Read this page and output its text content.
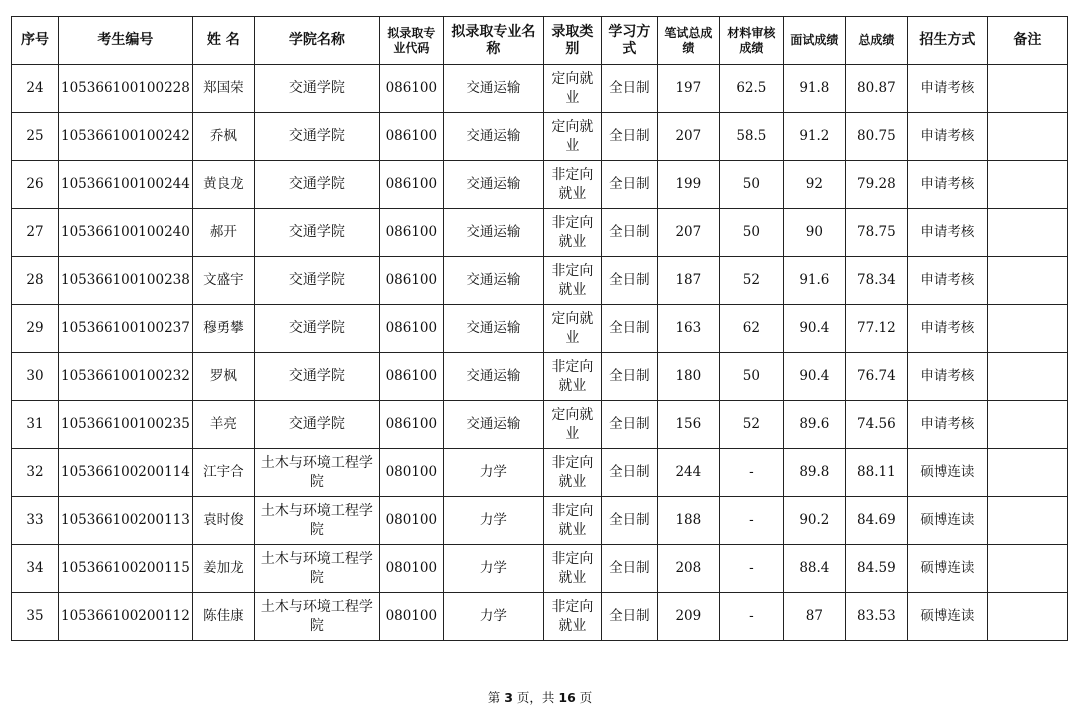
序号	考生编号	姓 名	学院名称	拟录取专业代码	拟录取专业名称	录取类别	学习方式	笔试总成绩	材料审核成绩	面试成绩	总成绩	招生方式	备注
24	105366100100228	郑国荣	交通学院	086100	交通运输	定向就业	全日制	197	62.5	91.8	80.87	申请考核	
25	105366100100242	乔枫	交通学院	086100	交通运输	定向就业	全日制	207	58.5	91.2	80.75	申请考核	
26	105366100100244	黄良龙	交通学院	086100	交通运输	非定向就业	全日制	199	50	92	79.28	申请考核	
27	105366100100240	郝开	交通学院	086100	交通运输	非定向就业	全日制	207	50	90	78.75	申请考核	
28	105366100100238	文盛宇	交通学院	086100	交通运输	非定向就业	全日制	187	52	91.6	78.34	申请考核	
29	105366100100237	穆勇攀	交通学院	086100	交通运输	定向就业	全日制	163	62	90.4	77.12	申请考核	
30	105366100100232	罗枫	交通学院	086100	交通运输	非定向就业	全日制	180	50	90.4	76.74	申请考核	
31	105366100100235	羊亮	交通学院	086100	交通运输	定向就业	全日制	156	52	89.6	74.56	申请考核	
32	105366100200114	江宇合	土木与环境工程学院	080100	力学	非定向就业	全日制	244	-	89.8	88.11	硕博连读	
33	105366100200113	袁时俊	土木与环境工程学院	080100	力学	非定向就业	全日制	188	-	90.2	84.69	硕博连读	
34	105366100200115	姜加龙	土木与环境工程学院	080100	力学	非定向就业	全日制	208	-	88.4	84.59	硕博连读	
35	105366100200112	陈佳康	土木与环境工程学院	080100	力学	非定向就业	全日制	209	-	87	83.53	硕博连读	
第 3 页，共 16 页
